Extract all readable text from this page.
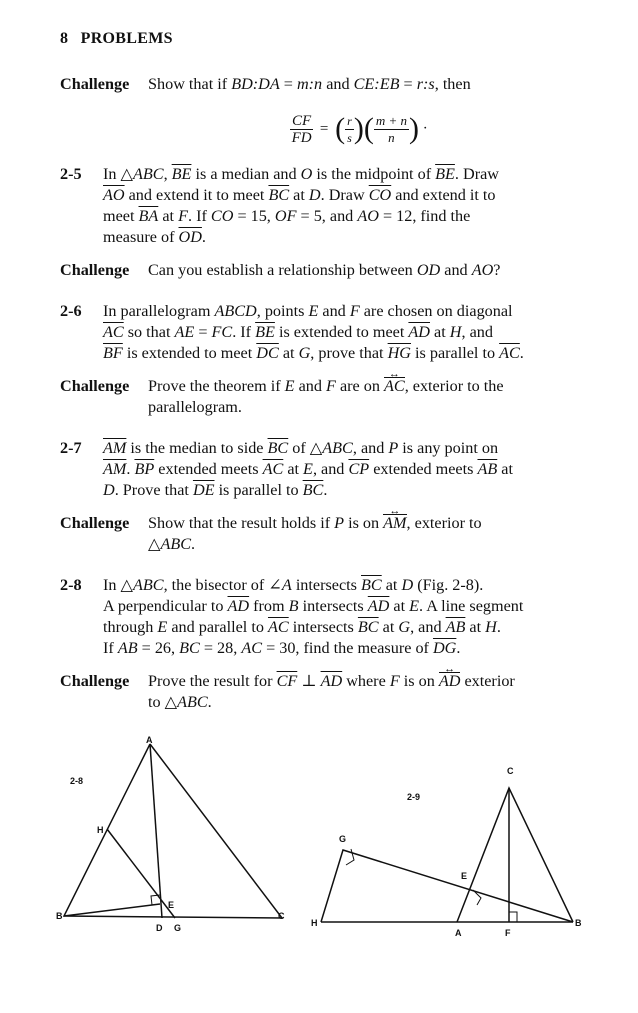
8 PROBLEMS
Challenge Show that if BD:DA = m:n and CE:EB = r:s, then
$\frac{CF}{FD}$ = ( $\frac{r}{s}$ )( $\frac{m + n}{n}$ ) ·
2-5 In △ABC, $\overline{BE}$ is a median and O is the midpoint of $\overline{BE}$. Draw
$\overline{AO}$ and extend it to meet $\overline{BC}$ at D. Draw $\overline{CO}$ and extend it to
meet $\overline{BA}$ at F. If CO = 15, OF = 5, and AO = 12, find the
measure of $\overline{OD}$.
Challenge Can you establish a relationship between OD and AO?
2-6 In parallelogram ABCD, points E and F are chosen on diagonal
$\overline{AC}$ so that AE = FC. If $\overline{BE}$ is extended to meet $\overline{AD}$ at H, and
$\overline{BF}$ is extended to meet $\overline{DC}$ at G, prove that $\overline{HG}$ is parallel to $\overline{AC}$.
Challenge Prove the theorem if E and F are on AC ↔, exterior to the
parallelogram.
2-7 $\overline{AM}$ is the median to side $\overline{BC}$ of △ABC, and P is any point on
$\overline{AM}$. $\overline{BP}$ extended meets $\overline{AC}$ at E, and $\overline{CP}$ extended meets $\overline{AB}$ at
D. Prove that $\overline{DE}$ is parallel to $\overline{BC}$.
Challenge Show that the result holds if P is on AM ↔, exterior to
△ABC.
2-8 In △ABC, the bisector of ∠A intersects $\overline{BC}$ at D (Fig. 2-8).
A perpendicular to $\overline{AD}$ from B intersects $\overline{AD}$ at E. A line segment
through E and parallel to $\overline{AC}$ intersects $\overline{BC}$ at G, and $\overline{AB}$ at H.
If AB = 26, BC = 28, AC = 30, find the measure of $\overline{DG}$.
Challenge Prove the result for $\overline{CF}$ ⊥ $\overline{AD}$ where F is on AD ↔ exterior
to △ABC.
A
2-8
H
E
B	C
D G
C
2-9
G
E
H
A	F
B
